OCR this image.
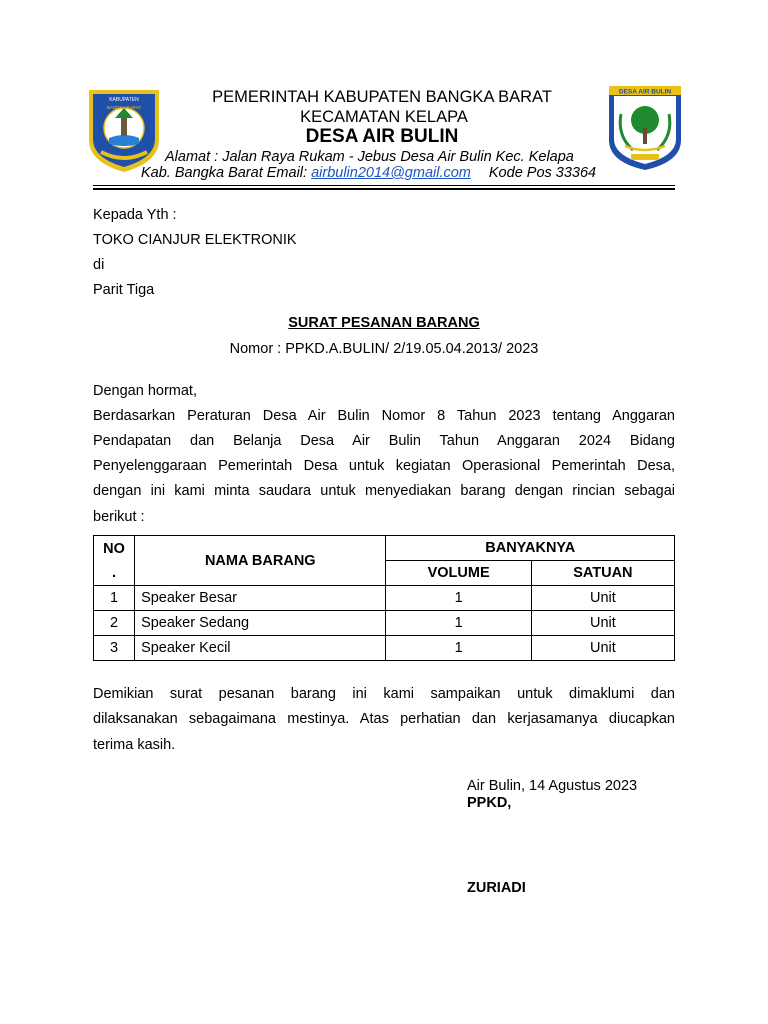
KABUPATEN
BANGKA BARAT
DESA AIR BULIN
PEMERINTAH KABUPATEN BANGKA BARAT
KECAMATAN KELAPA
DESA AIR BULIN
Alamat : Jalan Raya Rukam - Jebus Desa Air Bulin Kec. Kelapa
Kab. Bangka Barat Email: airbulin2014@gmail.com Kode Pos 33364
Kepada Yth :
TOKO CIANJUR ELEKTRONIK
di
Parit Tiga
SURAT PESANAN BARANG
Nomor : PPKD.A.BULIN/ 2/19.05.04.2013/ 2023
Dengan hormat,
Berdasarkan Peraturan Desa Air Bulin Nomor 8 Tahun 2023 tentang Anggaran
Pendapatan dan Belanja Desa Air Bulin Tahun Anggaran 2024 Bidang
Penyelenggaraan Pemerintah Desa untuk kegiatan Operasional Pemerintah Desa,
dengan ini kami minta saudara untuk menyediakan barang dengan rincian sebagai
berikut :
NO
.	NAMA BARANG	BANYAKNYA	
		VOLUME	SATUAN
1	Speaker Besar	1	Unit
2	Speaker Sedang	1	Unit
3	Speaker Kecil	1	Unit
Demikian surat pesanan barang ini kami sampaikan untuk dimaklumi dan
dilaksanakan sebagaimana mestinya. Atas perhatian dan kerjasamanya diucapkan
terima kasih.
Air Bulin, 14 Agustus 2023
PPKD,
ZURIADI
